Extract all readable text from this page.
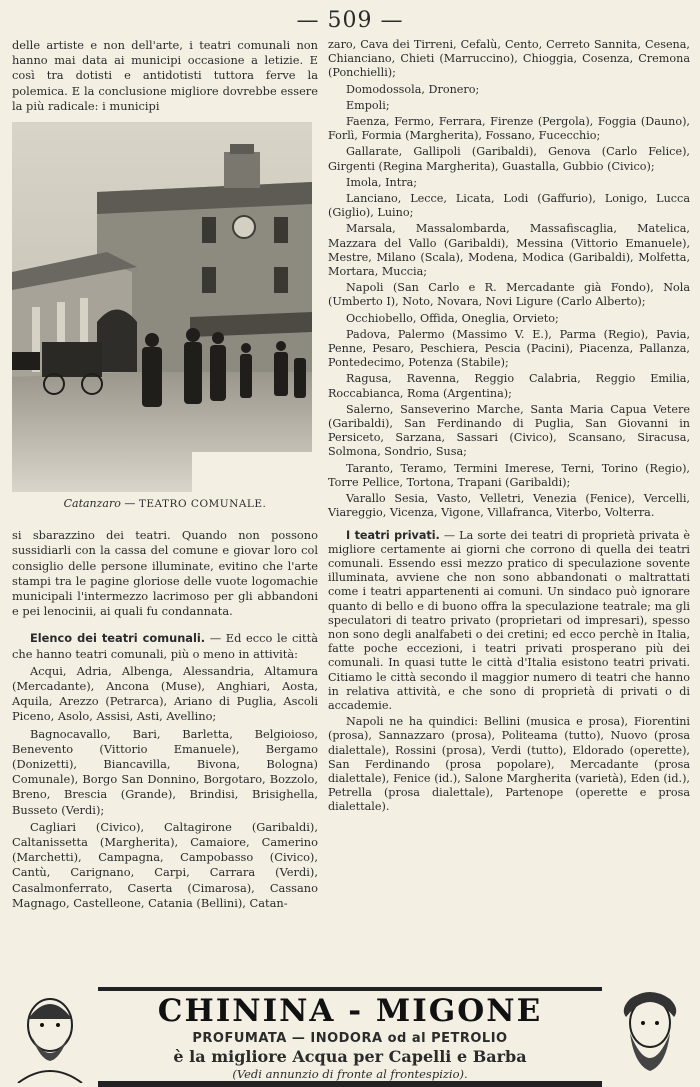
— 509 —

delle artiste e non dell'arte, i teatri comunali non hanno mai data ai municipi occasione a letizie. E così tra dotisti e antidotisti tuttora ferve la polemica. E la conclusione migliore dovrebbe essere la più radicale: i municipi

Catanzaro — TEATRO COMUNALE.

si sbarazzino dei teatri. Quando non possono sussidiarli con la cassa del comune e giovar loro col consiglio delle persone illuminate, evitino che l'arte stampi tra le pagine gloriose delle vuote logomachie municipali l'intermezzo lacrimoso per gli abbandoni e pei lenocinii, ai quali fu condannata.

Elenco dei teatri comunali. — Ed ecco le città che hanno teatri comunali, più o meno in attività:

Acqui, Adria, Albenga, Alessandria, Altamura (Mercadante), Ancona (Muse), Anghiari, Aosta, Aquila, Arezzo (Petrarca), Ariano di Puglia, Ascoli Piceno, Asolo, Assisi, Asti, Avellino;

Bagnocavallo, Bari, Barletta, Belgioioso, Benevento (Vittorio Emanuele), Bergamo (Donizetti), Biancavilla, Bivona, Bologna) Comunale), Borgo San Donnino, Borgotaro, Bozzolo, Breno, Brescia (Grande), Brindisi, Brisighella, Busseto (Verdi);

Cagliari (Civico), Caltagirone (Garibaldi), Caltanissetta (Margherita), Camaiore, Camerino (Marchetti), Campagna, Campobasso (Civico), Cantù, Carignano, Carpi, Carrara (Verdi), Casalmonferrato, Caserta (Cimarosa), Cassano Magnago, Castelleone, Catania (Bellini), Catan-

zaro, Cava dei Tirreni, Cefalù, Cento, Cerreto Sannita, Cesena, Chianciano, Chieti (Marruccino), Chioggia, Cosenza, Cremona (Ponchielli);

Domodossola, Dronero;

Empoli;

Faenza, Fermo, Ferrara, Firenze (Pergola), Foggia (Dauno), Forlì, Formia (Margherita), Fossano, Fucecchio;

Gallarate, Gallipoli (Garibaldi), Genova (Carlo Felice), Girgenti (Regina Margherita), Guastalla, Gubbio (Civico);

Imola, Intra;

Lanciano, Lecce, Licata, Lodi (Gaffurio), Lonigo, Lucca (Giglio), Luino;

Marsala, Massalombarda, Massafiscaglia, Matelica, Mazzara del Vallo (Garibaldi), Messina (Vittorio Emanuele), Mestre, Milano (Scala), Modena, Modica (Garibaldi), Molfetta, Mortara, Muccia;

Napoli (San Carlo e R. Mercadante già Fondo), Nola (Umberto I), Noto, Novara, Novi Ligure (Carlo Alberto);

Occhiobello, Offida, Oneglia, Orvieto;

Padova, Palermo (Massimo V. E.), Parma (Regio), Pavia, Penne, Pesaro, Peschiera, Pescia (Pacini), Piacenza, Pallanza, Pontedecimo, Potenza (Stabile);

Ragusa, Ravenna, Reggio Calabria, Reggio Emilia, Roccabianca, Roma (Argentina);

Salerno, Sanseverino Marche, Santa Maria Capua Vetere (Garibaldi), San Ferdinando di Puglia, San Giovanni in Persiceto, Sarzana, Sassari (Civico), Scansano, Siracusa, Solmona, Sondrio, Susa;

Taranto, Teramo, Termini Imerese, Terni, Torino (Regio), Torre Pellice, Tortona, Trapani (Garibaldi);

Varallo Sesia, Vasto, Velletri, Venezia (Fenice), Vercelli, Viareggio, Vicenza, Vigone, Villafranca, Viterbo, Volterra.

I teatri privati. — La sorte dei teatri di proprietà privata è migliore certamente ai giorni che corrono di quella dei teatri comunali. Essendo essi mezzo pratico di speculazione sovente illuminata, avviene che non sono abbandonati o maltrattati come i teatri appartenenti ai comuni. Un sindaco può ignorare quanto di bello e di buono offra la speculazione teatrale; ma gli speculatori di teatro privato (proprietari od impresari), spesso non sono degli analfabeti o dei cretini; ed ecco perchè in Italia, fatte poche eccezioni, i teatri privati prosperano più dei comunali. In quasi tutte le città d'Italia esistono teatri privati. Citiamo le città secondo il maggior numero di teatri che hanno in relativa attività, e che sono di proprietà di privati o di accademie.

Napoli ne ha quindici: Bellini (musica e prosa), Fiorentini (prosa), Sannazzaro (prosa), Politeama (tutto), Nuovo (prosa dialettale), Rossini (prosa), Verdi (tutto), Eldorado (operette), San Ferdinando (prosa popolare), Mercadante (prosa dialettale), Fenice (id.), Salone Margherita (varietà), Eden (id.), Petrella (prosa dialettale), Partenope (operette e prosa dialettale).

CHININA - MIGONE
PROFUMATA — INODORA od al PETROLIO
è la migliore Acqua per Capelli e Barba
(Vedi annunzio di fronte al frontespizio).
